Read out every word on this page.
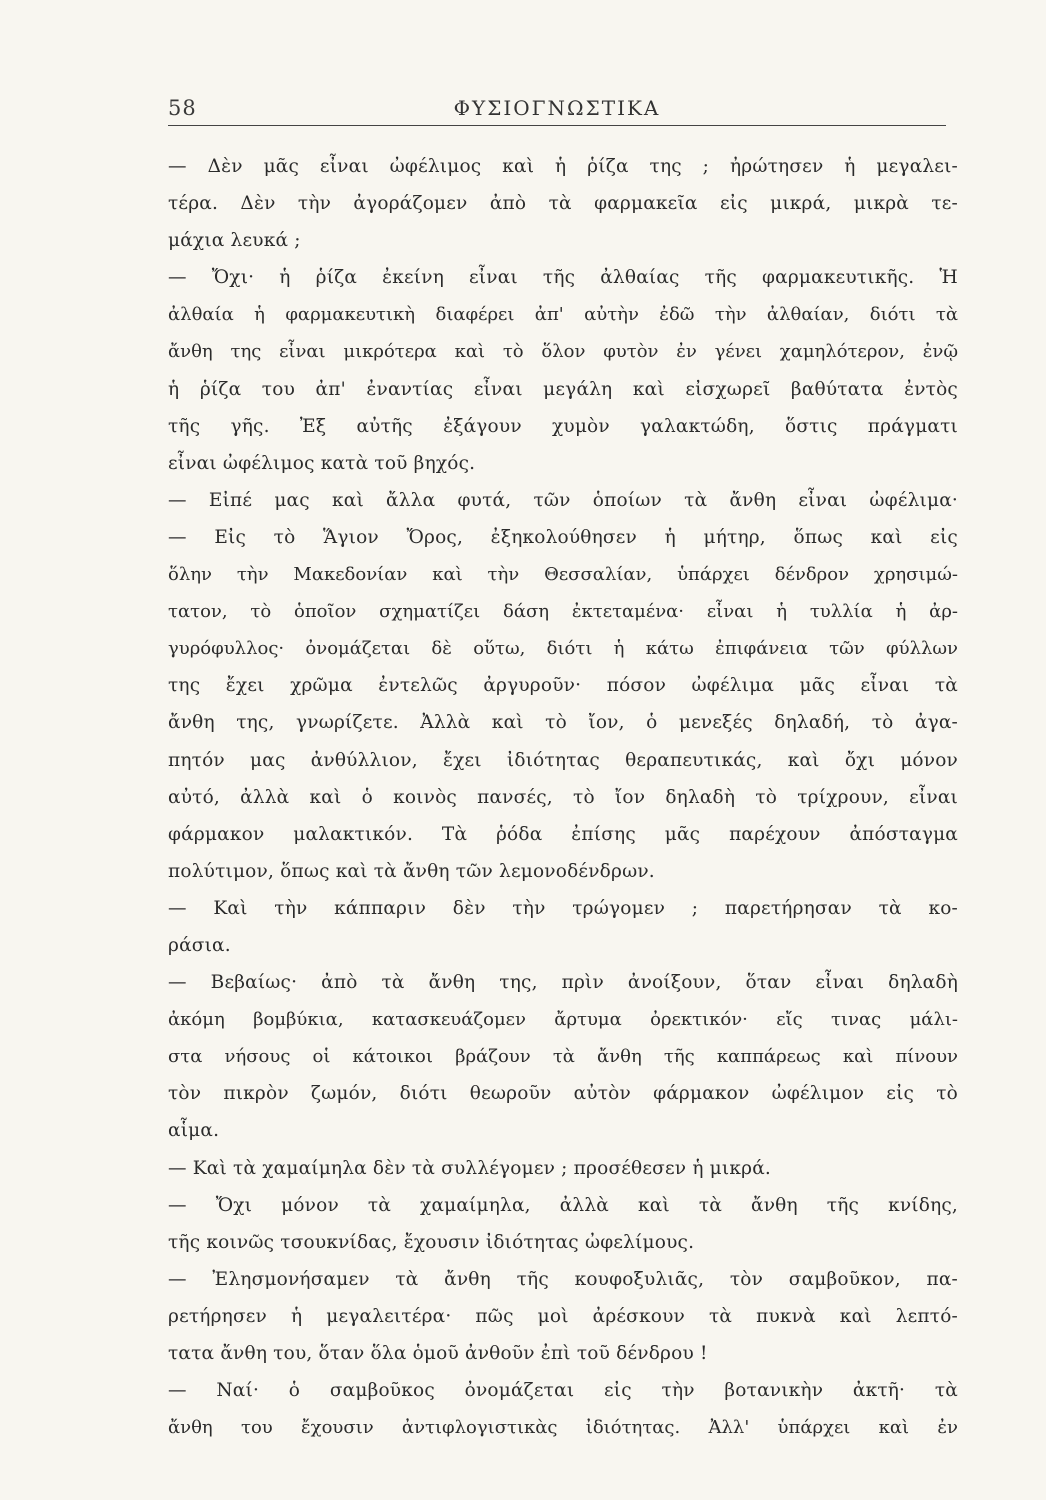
58	ΦΥΣΙΟΓΝΩΣΤΙΚΑ
— Δὲν μᾶς εἶναι ὠφέλιμος καὶ ἡ ῥίζα της ; ἠρώτησεν ἡ μεγαλει-
τέρα. Δὲν τὴν ἀγοράζομεν ἀπὸ τὰ φαρμακεῖα εἰς μικρά, μικρὰ τε-
μάχια λευκά ;
— Ὄχι· ἡ ῥίζα ἐκείνη εἶναι τῆς ἀλθαίας τῆς φαρμακευτικῆς. Ἡ
ἀλθαία ἡ φαρμακευτικὴ διαφέρει ἀπ' αὐτὴν ἐδῶ τὴν ἀλθαίαν, διότι τὰ
ἄνθη της εἶναι μικρότερα καὶ τὸ ὅλον φυτὸν ἐν γένει χαμηλότερον, ἐνῷ
ἡ ῥίζα του ἀπ' ἐναντίας εἶναι μεγάλη καὶ εἰσχωρεῖ βαθύτατα ἐντὸς
τῆς γῆς. Ἐξ αὐτῆς ἐξάγουν χυμὸν γαλακτώδη, ὅστις πράγματι
εἶναι ὠφέλιμος κατὰ τοῦ βηχός.
— Εἰπέ μας καὶ ἄλλα φυτά, τῶν ὁποίων τὰ ἄνθη εἶναι ὠφέλιμα·
— Εἰς τὸ Ἅγιον Ὄρος, ἐξηκολούθησεν ἡ μήτηρ, ὅπως καὶ εἰς
ὅλην τὴν Μακεδονίαν καὶ τὴν Θεσσαλίαν, ὑπάρχει δένδρον χρησιμώ-
τατον, τὸ ὁποῖον σχηματίζει δάση ἐκτεταμένα· εἶναι ἡ τυλλία ἡ ἀρ-
γυρόφυλλος· ὀνομάζεται δὲ οὕτω, διότι ἡ κάτω ἐπιφάνεια τῶν φύλλων
της ἔχει χρῶμα ἐντελῶς ἀργυροῦν· πόσον ὠφέλιμα μᾶς εἶναι τὰ
ἄνθη της, γνωρίζετε. Ἀλλὰ καὶ τὸ ἴον, ὁ μενεξές δηλαδή, τὸ ἀγα-
πητόν μας ἀνθύλλιον, ἔχει ἰδιότητας θεραπευτικάς, καὶ ὄχι μόνον
αὐτό, ἀλλὰ καὶ ὁ κοινὸς πανσές, τὸ ἴον δηλαδὴ τὸ τρίχρουν, εἶναι
φάρμακον μαλακτικόν. Τὰ ῥόδα ἐπίσης μᾶς παρέχουν ἀπόσταγμα
πολύτιμον, ὅπως καὶ τὰ ἄνθη τῶν λεμονοδένδρων.
— Καὶ τὴν κάππαριν δὲν τὴν τρώγομεν ; παρετήρησαν τὰ κο-
ράσια.
— Βεβαίως· ἀπὸ τὰ ἄνθη της, πρὶν ἀνοίξουν, ὅταν εἶναι δηλαδὴ
ἀκόμη βομβύκια, κατασκευάζομεν ἄρτυμα ὀρεκτικόν· εἴς τινας μάλι-
στα νήσους οἱ κάτοικοι βράζουν τὰ ἄνθη τῆς καππάρεως καὶ πίνουν
τὸν πικρὸν ζωμόν, διότι θεωροῦν αὐτὸν φάρμακον ὠφέλιμον εἰς τὸ
αἷμα.
— Καὶ τὰ χαμαίμηλα δὲν τὰ συλλέγομεν ; προσέθεσεν ἡ μικρά.
— Ὄχι μόνον τὰ χαμαίμηλα, ἀλλὰ καὶ τὰ ἄνθη τῆς κνίδης,
τῆς κοινῶς τσουκνίδας, ἔχουσιν ἰδιότητας ὠφελίμους.
— Ἐλησμονήσαμεν τὰ ἄνθη τῆς κουφοξυλιᾶς, τὸν σαμβοῦκον, πα-
ρετήρησεν ἡ μεγαλειτέρα· πῶς μοὶ ἀρέσκουν τὰ πυκνὰ καὶ λεπτό-
τατα ἄνθη του, ὅταν ὅλα ὁμοῦ ἀνθοῦν ἐπὶ τοῦ δένδρου !
— Ναί· ὁ σαμβοῦκος ὀνομάζεται εἰς τὴν βοτανικὴν ἀκτῆ· τὰ
ἄνθη του ἔχουσιν ἀντιφλογιστικὰς ἰδιότητας. Ἀλλ' ὑπάρχει καὶ ἐν
